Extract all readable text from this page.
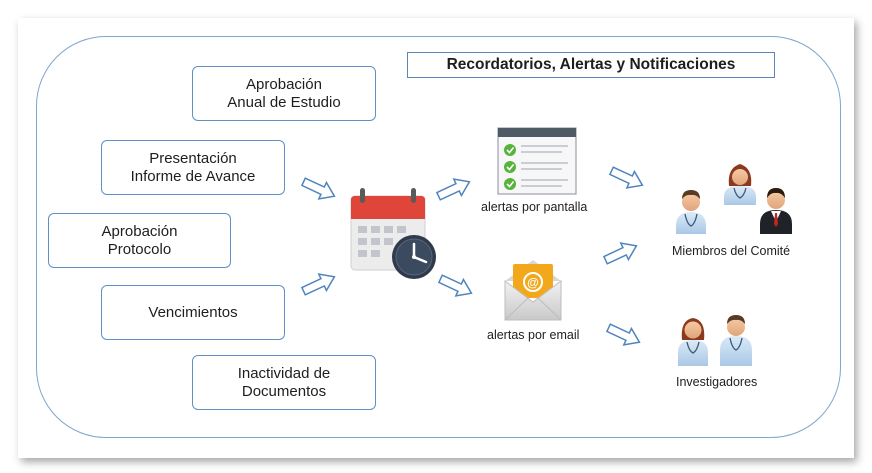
Recordatorios, Alertas y Notificaciones
Aprobación
Anual de Estudio
Presentación
Informe de Avance
Aprobación
Protocolo
Vencimientos
Inactividad de
Documentos
@
alertas por pantalla
alertas por email
Miembros del Comité
Investigadores
